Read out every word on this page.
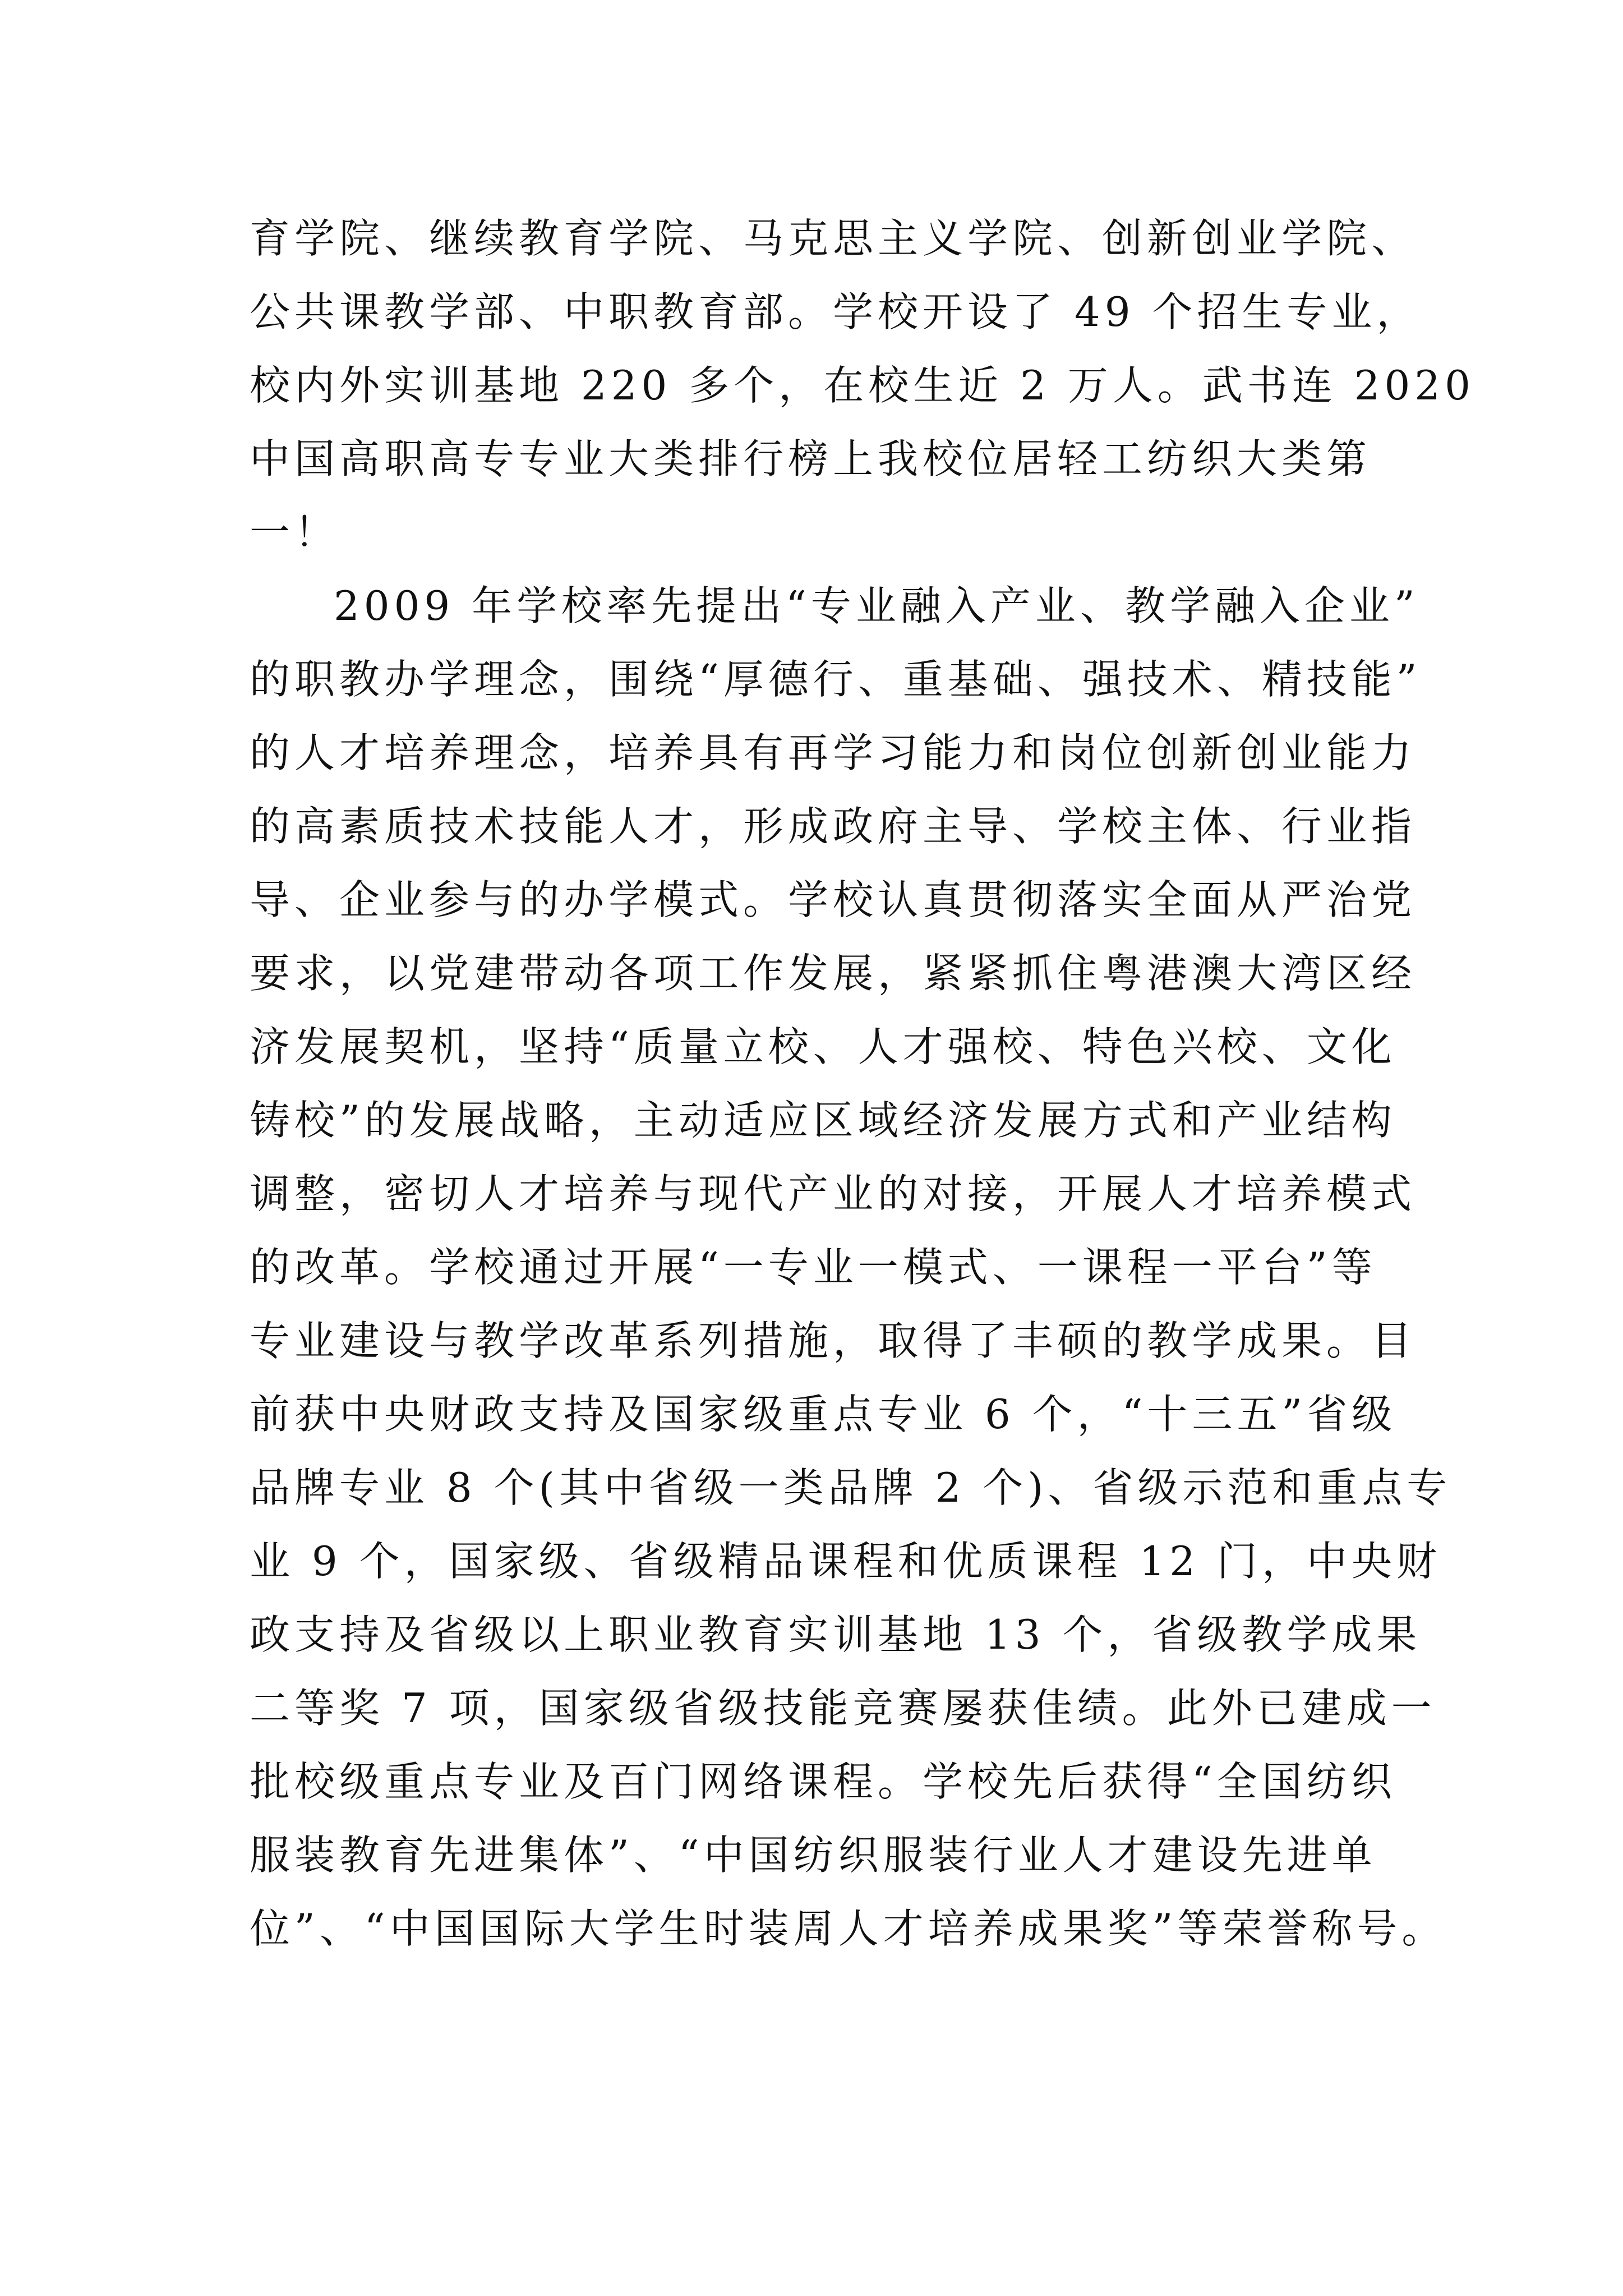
育学院、继续教育学院、马克思主义学院、创新创业学院、
公共课教学部、中职教育部。学校开设了 49 个招生专业，
校内外实训基地 220 多个，在校生近 2 万人。武书连 2020
中国高职高专专业大类排行榜上我校位居轻工纺织大类第
一！
2009 年学校率先提出“专业融入产业、教学融入企业”
的职教办学理念，围绕“厚德行、重基础、强技术、精技能”
的人才培养理念，培养具有再学习能力和岗位创新创业能力
的高素质技术技能人才，形成政府主导、学校主体、行业指
导、企业参与的办学模式。学校认真贯彻落实全面从严治党
要求，以党建带动各项工作发展，紧紧抓住粤港澳大湾区经
济发展契机，坚持“质量立校、人才强校、特色兴校、文化
铸校”的发展战略，主动适应区域经济发展方式和产业结构
调整，密切人才培养与现代产业的对接，开展人才培养模式
的改革。学校通过开展“一专业一模式、一课程一平台”等
专业建设与教学改革系列措施，取得了丰硕的教学成果。目
前获中央财政支持及国家级重点专业 6 个，“十三五”省级
品牌专业 8 个(其中省级一类品牌 2 个)、省级示范和重点专
业 9 个，国家级、省级精品课程和优质课程 12 门，中央财
政支持及省级以上职业教育实训基地 13 个，省级教学成果
二等奖 7 项，国家级省级技能竞赛屡获佳绩。此外已建成一
批校级重点专业及百门网络课程。学校先后获得“全国纺织
服装教育先进集体”、“中国纺织服装行业人才建设先进单
位”、“中国国际大学生时装周人才培养成果奖”等荣誉称号。
